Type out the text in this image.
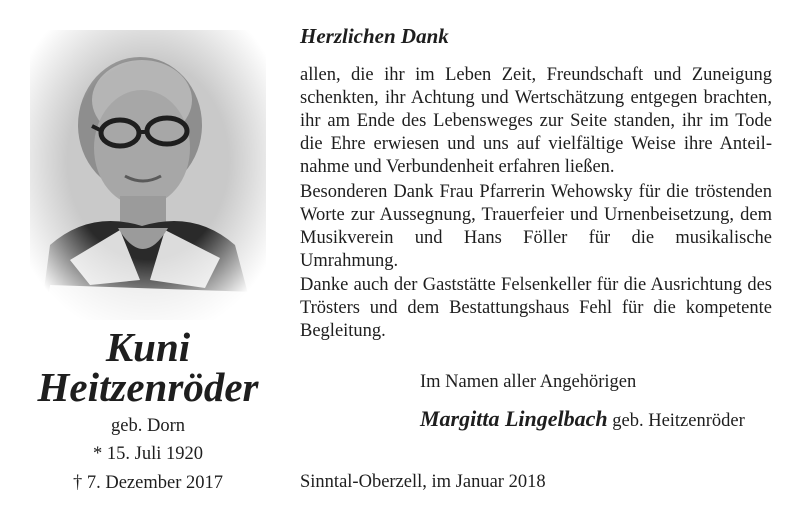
Kuni
Heitzenröder
geb. Dorn
* 15. Juli 1920
† 7. Dezember 2017
Herzlichen Dank

allen, die ihr im Leben Zeit, Freundschaft und Zuneigung schenkten, ihr Achtung und Wertschätzung entgegen brachten, ihr am Ende des Lebensweges zur Seite standen, ihr im Tode die Ehre erwiesen und uns auf vielfältige Weise ihre Anteilnahme und Verbundenheit erfahren ließen.

Besonderen Dank Frau Pfarrerin Wehowsky für die tröstenden Worte zur Aussegnung, Trauerfeier und Urnenbeisetzung, dem Musikverein und Hans Föller für die musikalische Umrahmung.

Danke auch der Gaststätte Felsenkeller für die Ausrichtung des Trösters und dem Bestattungshaus Fehl für die kompetente Begleitung.

Im Namen aller Angehörigen
Margitta Lingelbach geb. Heitzenröder
Sinntal-Oberzell, im Januar 2018
